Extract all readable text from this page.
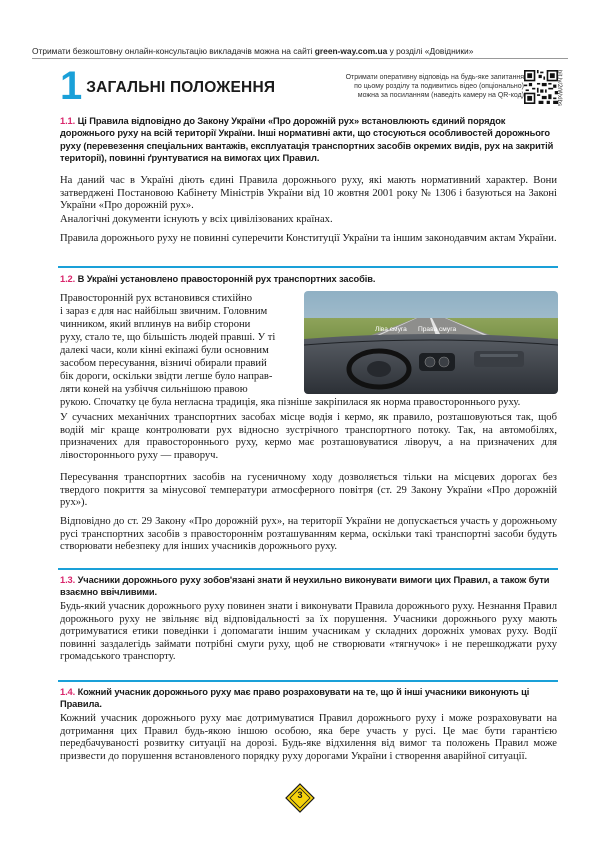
Отримати безкоштовну онлайн-консультацію викладачів можна на сайті green-way.com.ua у розділі «Довідники»
1 ЗАГАЛЬНІ ПОЛОЖЕННЯ
Отримати оперативну відповідь на будь-яке запитання
по цьому розділу та подивитись відео (опціонально)
можна за посиланням (наведіть камеру на QR-код)	bit.ly/2rWxIbs
1.1. Ці Правила відповідно до Закону України «Про дорожній рух» встановлюють єдиний порядок дорожнього руху на всій території України. Інші нормативні акти, що стосуються особливостей дорожнього руху (перевезення спеціальних вантажів, експлуатація транспортних засобів окремих видів, рух на закритій території), повинні ґрунтуватися на вимогах цих Правил.
На даний час в Україні діють єдині Правила дорожнього руху, які мають нормативний характер. Вони затверджені Постановою Кабінету Міністрів України від 10 жовтня 2001 року № 1306 і базуються на Законі України «Про дорожній рух».
Аналогічні документи існують у всіх цивілізованих країнах.
Правила дорожнього руху не повинні суперечити Конституції України та іншим законодавчим актам України.
1.2. В Україні установлено правосторонній рух транспортних засобів.
Правосторонній рух встановився стихійно
і зараз є для нас найбільш звичним. Головним
чинником, який вплинув на вибір сторони
руху, стало те, що більшість людей правші. У ті
далекі часи, коли кінні екіпажі були основним
засобом пересування, візничі обирали правий
бік дороги, оскільки звідти легше було направ-
ляти коней на узбіччя сильнішою правою
рукою. Спочатку це була негласна традиція, яка пізніше закріпилася як норма правостороннього руху.
Ліва смуга Права смуга
У сучасних механічних транспортних засобах місце водія і кермо, як правило, розташовуються так, щоб водій міг краще контролювати рух відносно зустрічного транспортного потоку. Так, на автомобілях, призначених для правостороннього руху, кермо має розташовуватися ліворуч, а на призначених для лівостороннього руху — праворуч.
Пересування транспортних засобів на гусеничному ходу дозволяється тільки на місцевих дорогах без твердого покриття за мінусової температури атмосферного повітря (ст. 29 Закону України «Про дорожній рух»).
Відповідно до ст. 29 Закону «Про дорожній рух», на території України не допускається участь у дорожньому русі транспортних засобів з правостороннім розташуванням керма, оскільки такі транспортні засоби будуть створювати небезпеку для інших учасників дорожнього руху.
1.3. Учасники дорожнього руху зобов'язані знати й неухильно виконувати вимоги цих Правил, а також бути взаємно ввічливими.
Будь-який учасник дорожнього руху повинен знати і виконувати Правила дорожнього руху. Незнання Правил дорожнього руху не звільняє від відповідальності за їх порушення. Учасники дорожнього руху мають дотримуватися етики поведінки і допомагати іншим учасникам у складних дорожніх умовах руху. Водії повинні заздалегідь займати потрібні смуги руху, щоб не створювати «тягнучок» і не перешкоджати руху громадського транспорту.
1.4. Кожний учасник дорожнього руху має право розраховувати на те, що й інші учасники виконують ці Правила.
Кожний учасник дорожнього руху має дотримуватися Правил дорожнього руху і може розраховувати на дотримання цих Правил будь-якою іншою особою, яка бере участь у русі. Це має бути гарантією передбачуваності розвитку ситуації на дорозі. Будь-яке відхилення від вимог та положень Правил може призвести до порушення встановленого порядку руху дорогами України і створення аварійної ситуації.
3
